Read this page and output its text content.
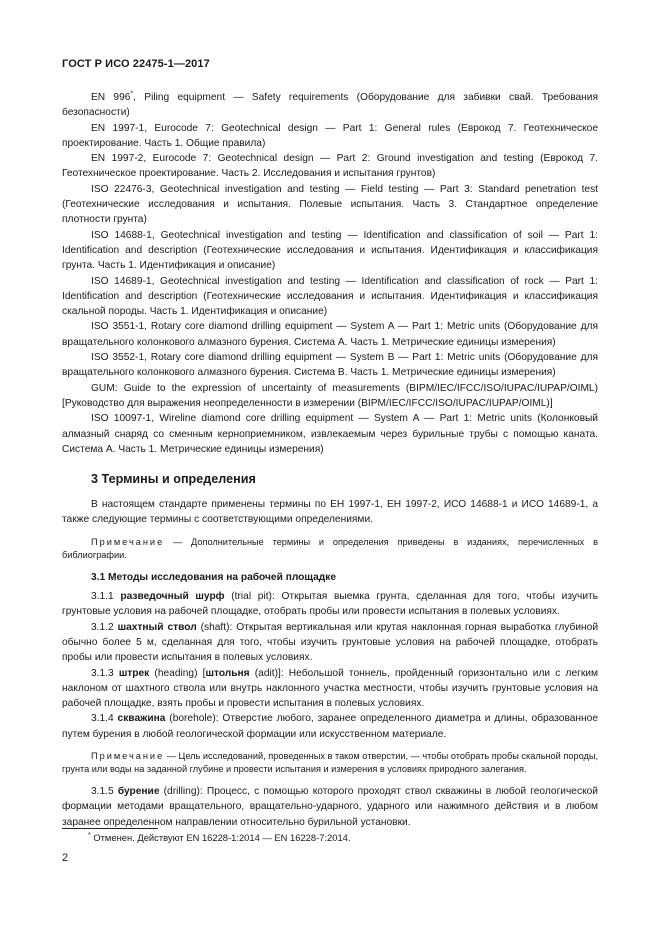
ГОСТ Р ИСО 22475-1—2017

EN 996*, Piling equipment — Safety requirements (Оборудование для забивки свай. Требования безопасности)

EN 1997-1, Eurocode 7: Geotechnical design — Part 1: General rules (Еврокод 7. Геотехническое проектирование. Часть 1. Общие правила)

EN 1997-2, Eurocode 7: Geotechnical design — Part 2: Ground investigation and testing (Еврокод 7. Геотехническое проектирование. Часть 2. Исследования и испытания грунтов)

ISO 22476-3, Geotechnical investigation and testing — Field testing — Part 3: Standard penetration test (Геотехнические исследования и испытания. Полевые испытания. Часть 3. Стандартное определение плотности грунта)

ISO 14688-1, Geotechnical investigation and testing — Identification and classification of soil — Part 1: Identification and description (Геотехнические исследования и испытания. Идентификация и классификация грунта. Часть 1. Идентификация и описание)

ISO 14689-1, Geotechnical investigation and testing — Identification and classification of rock — Part 1: Identification and description (Геотехнические исследования и испытания. Идентификация и классификация скальной породы. Часть 1. Идентификация и описание)

ISO 3551-1, Rotary core diamond drilling equipment — System A — Part 1: Metric units (Оборудование для вращательного колонкового алмазного бурения. Система А. Часть 1. Метрические единицы измерения)

ISO 3552-1, Rotary core diamond drilling equipment — System B — Part 1: Metric units (Оборудование для вращательного колонкового алмазного бурения. Система В. Часть 1. Метрические единицы измерения)

GUM: Guide to the expression of uncertainty of measurements (BIPM/IEC/IFCC/ISO/IUPAC/IUPAP/OIML) [Руководство для выражения неопределенности в измерении (BIPM/IEC/IFCC/ISO/IUPAC/IUPAP/OIML)]

ISO 10097-1, Wireline diamond core drilling equipment — System A — Part 1: Metric units (Колонковый алмазный снаряд со сменным керноприемником, извлекаемым через бурильные трубы с помощью каната. Система А. Часть 1. Метрические единицы измерения)

3 Термины и определения

В настоящем стандарте применены термины по ЕН 1997-1, ЕН 1997-2, ИСО 14688-1 и ИСО 14689-1, а также следующие термины с соответствующими определениями.

Примечание — Дополнительные термины и определения приведены в изданиях, перечисленных в библиографии.

3.1 Методы исследования на рабочей площадке

3.1.1 разведочный шурф (trial pit): Открытая выемка грунта, сделанная для того, чтобы изучить грунтовые условия на рабочей площадке, отобрать пробы или провести испытания в полевых условиях.

3.1.2 шахтный ствол (shaft): Открытая вертикальная или крутая наклонная горная выработка глубиной обычно более 5 м, сделанная для того, чтобы изучить грунтовые условия на рабочей площадке, отобрать пробы или провести испытания в полевых условиях.

3.1.3 штрек (heading) [штольня (adit)]: Небольшой тоннель, пройденный горизонтально или с легким наклоном от шахтного ствола или внутрь наклонного участка местности, чтобы изучить грунтовые условия на рабочей площадке, взять пробы и провести испытания в полевых условиях.

3.1.4 скважина (borehole): Отверстие любого, заранее определенного диаметра и длины, образованное путем бурения в любой геологической формации или искусственном материале.

Примечание — Цель исследований, проведенных в таком отверстии, — чтобы отобрать пробы скальной породы, грунта или воды на заданной глубине и провести испытания и измерения в условиях природного залегания.

3.1.5 бурение (drilling): Процесс, с помощью которого проходят ствол скважины в любой геологической формации методами вращательного, вращательно-ударного, ударного или нажимного действия и в любом заранее определенном направлении относительно бурильной установки.

* Отменен. Действуют EN 16228-1:2014 — EN 16228-7:2014.
2
